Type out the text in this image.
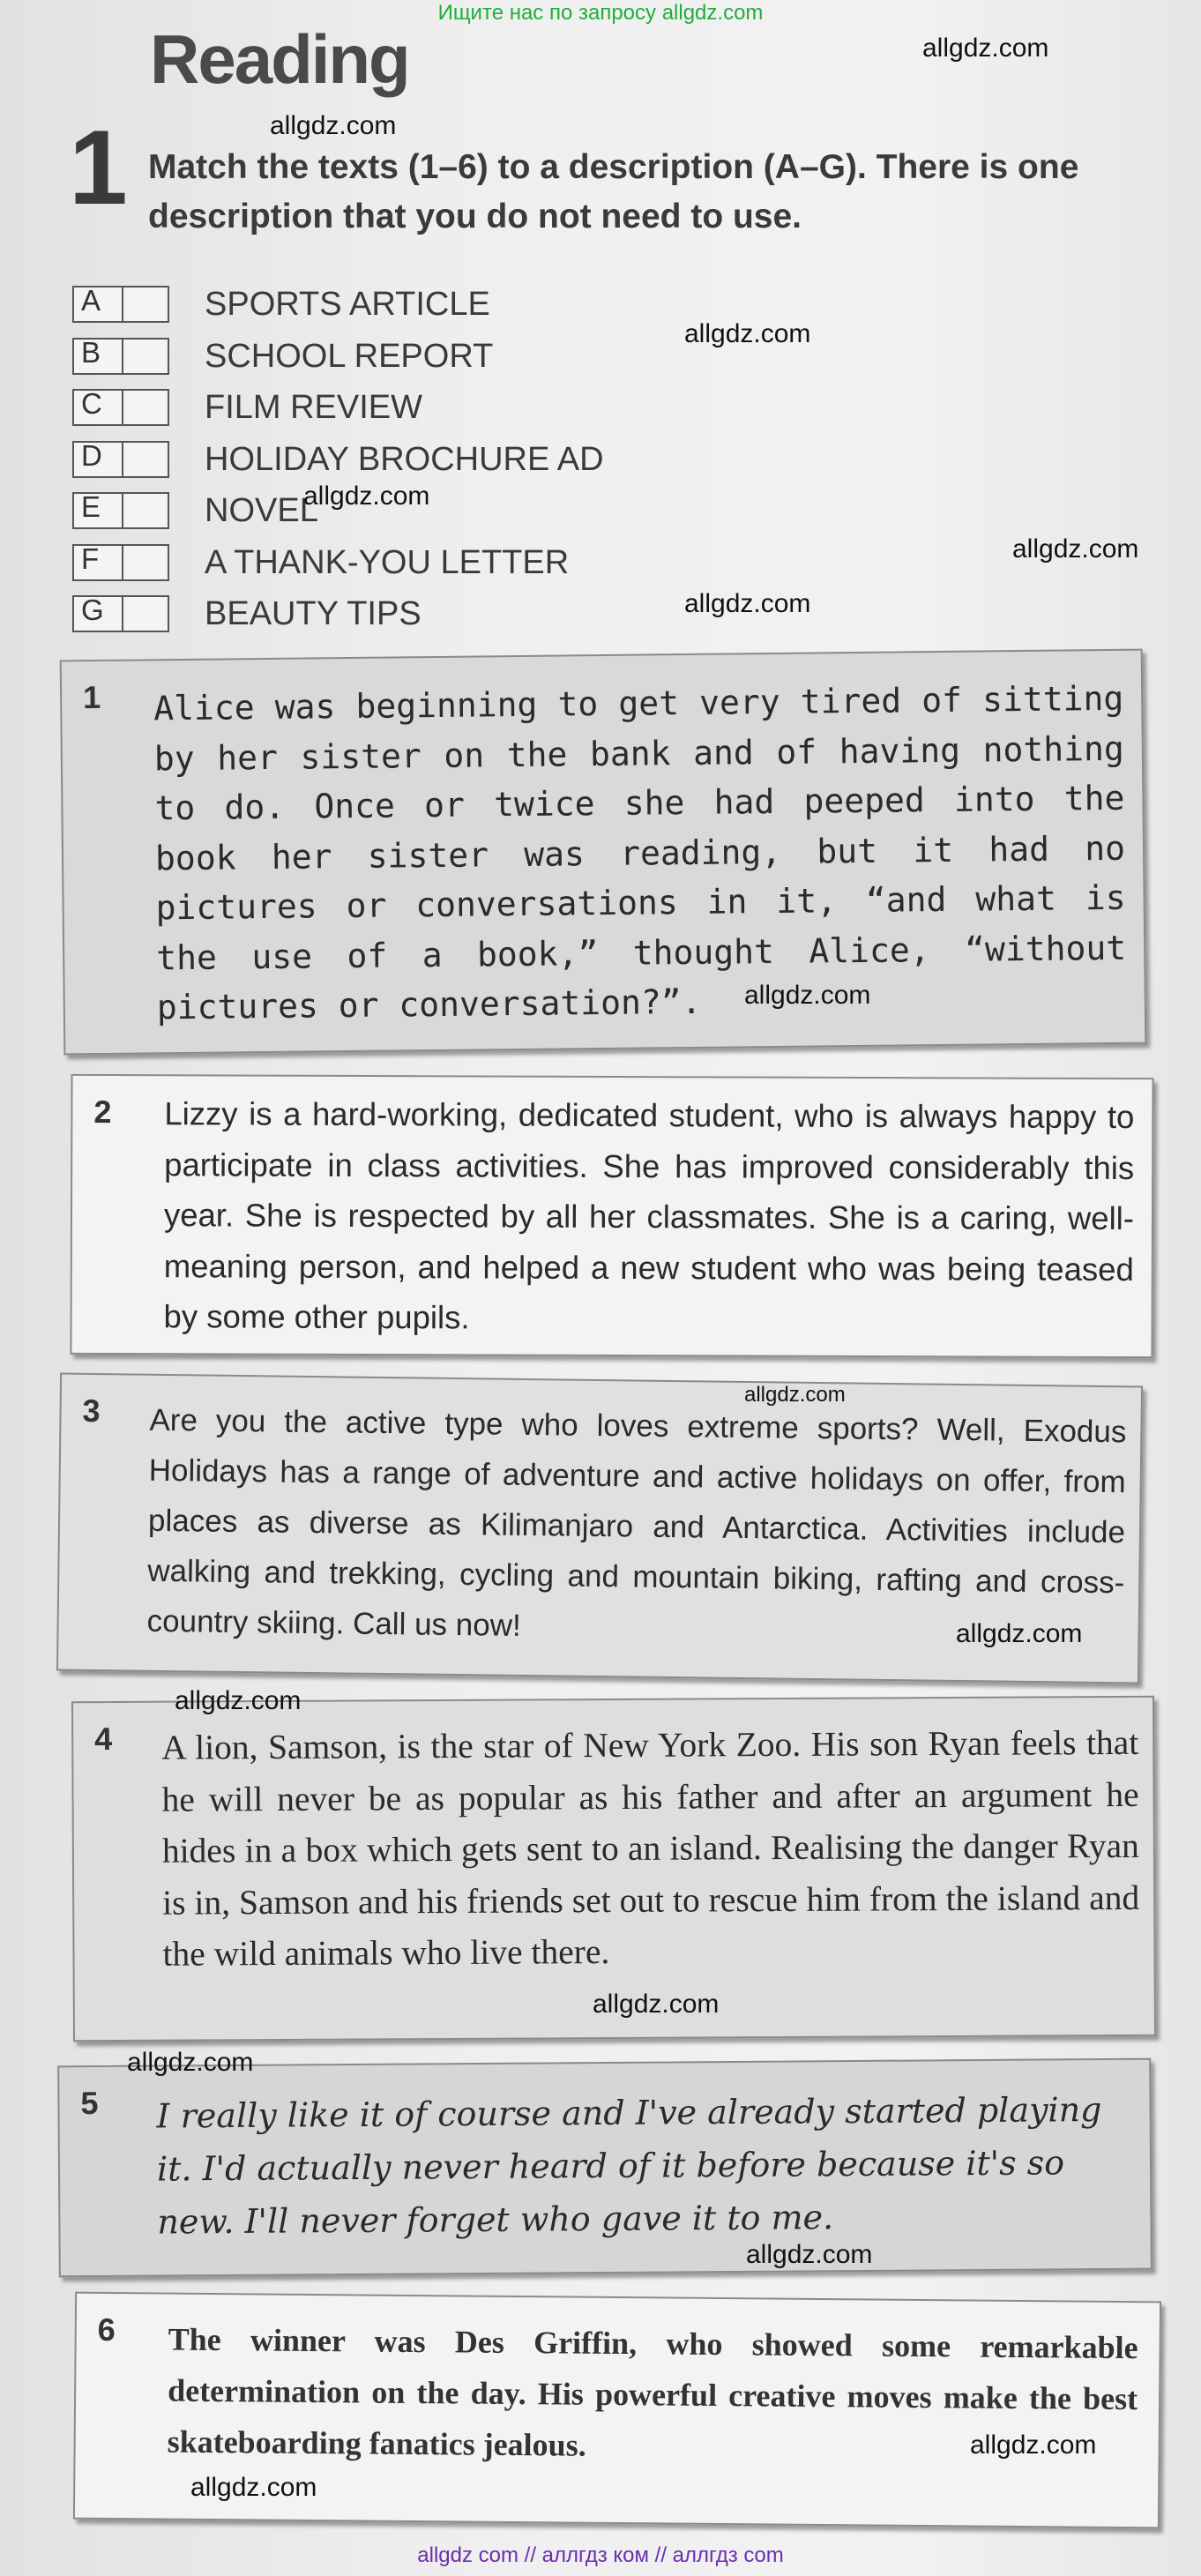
Ищите нас по запросу allgdz.com
Reading
1 Match the texts (1–6) to a description (A–G). There is one description that you do not need to use.
A	SPORTS ARTICLE
B	SCHOOL REPORT
C	FILM REVIEW
D	HOLIDAY BROCHURE AD
E	NOVEL
F	A THANK-YOU LETTER
G	BEAUTY TIPS
1 Alice was beginning to get very tired of sitting by her sister on the bank and of having nothing to do. Once or twice she had peeped into the book her sister was reading, but it had no pictures or conversations in it, “and what is the use of a book,” thought Alice, “without pictures or conversation?”.
2 Lizzy is a hard-working, dedicated student, who is always happy to participate in class activities. She has improved considerably this year. She is respected by all her classmates. She is a caring, well-meaning person, and helped a new student who was being teased by some other pupils.
3 Are you the active type who loves extreme sports? Well, Exodus Holidays has a range of adventure and active holidays on offer, from places as diverse as Kilimanjaro and Antarctica. Activities include walking and trekking, cycling and mountain biking, rafting and cross-country skiing. Call us now!
4 A lion, Samson, is the star of New York Zoo. His son Ryan feels that he will never be as popular as his father and after an argument he hides in a box which gets sent to an island. Realising the danger Ryan is in, Samson and his friends set out to rescue him from the island and the wild animals who live there.
5 I really like it of course and I've already started playing it. I'd actually never heard of it before because it's so new. I'll never forget who gave it to me.
6 The winner was Des Griffin, who showed some remarkable determination on the day. His powerful creative moves make the best skateboarding fanatics jealous.
allgdz.com
allgdz.com
allgdz.com
allgdz.com
allgdz.com
allgdz.com
allgdz.com
allgdz.com
allgdz.com
allgdz.com
allgdz.com
allgdz.com
allgdz.com
allgdz.com
allgdz.com
allgdz com // аллгдз ком // аллгдз com
